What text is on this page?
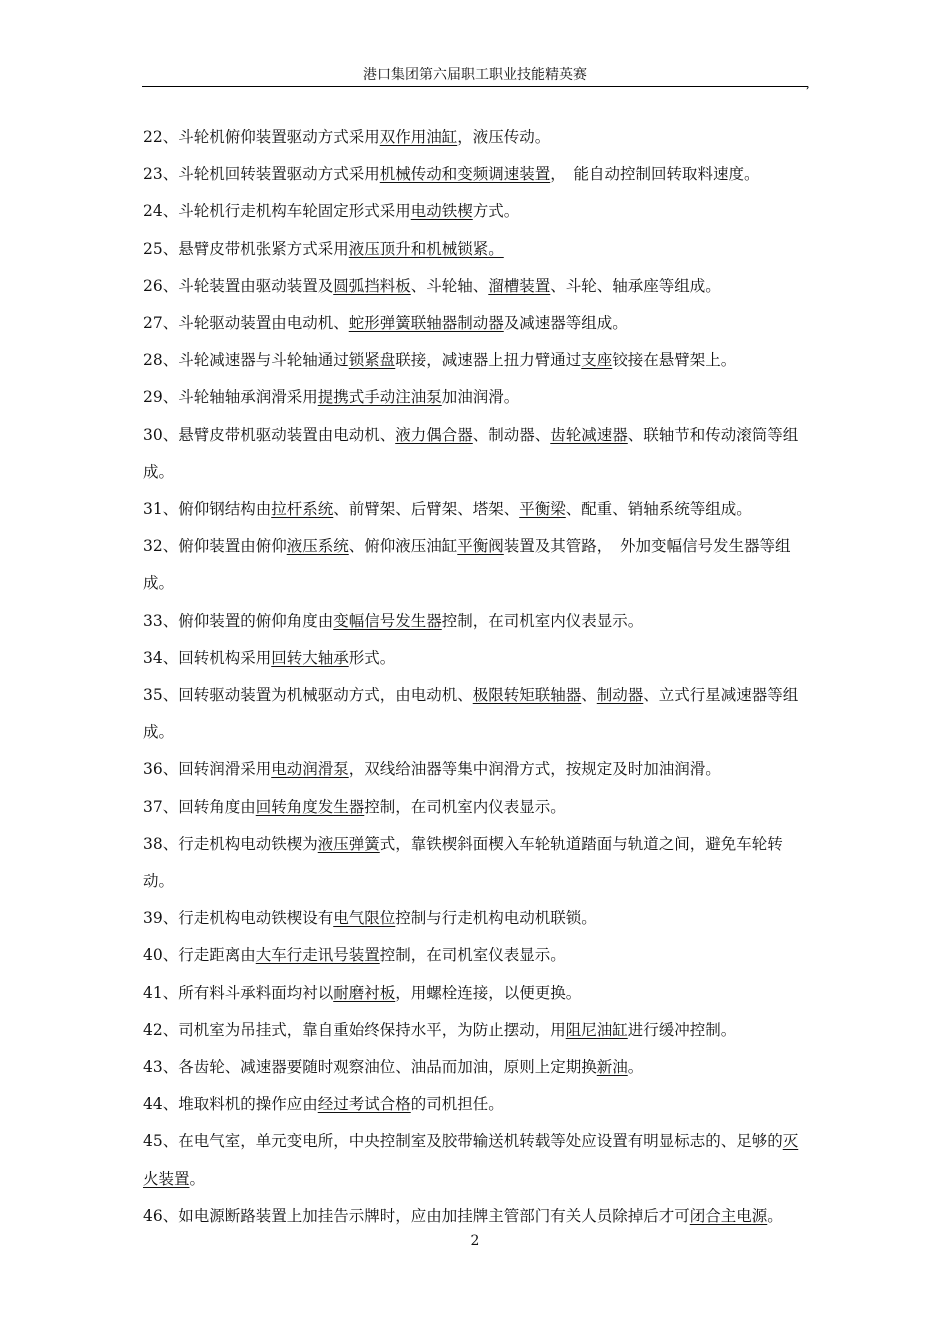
港口集团第六届职工职业技能精英赛
,

22、斗轮机俯仰装置驱动方式采用双作用油缸，液压传动。

23、斗轮机回转装置驱动方式采用机械传动和变频调速装置，　能自动控制回转取料速度。

24、斗轮机行走机构车轮固定形式采用电动铁楔方式。

25、悬臂皮带机张紧方式采用液压顶升和机械锁紧。

26、斗轮装置由驱动装置及圆弧挡料板、斗轮轴、溜槽装置、斗轮、轴承座等组成。

27、斗轮驱动装置由电动机、蛇形弹簧联轴器制动器及减速器等组成。

28、斗轮减速器与斗轮轴通过锁紧盘联接，减速器上扭力臂通过支座铰接在悬臂架上。

29、斗轮轴轴承润滑采用提携式手动注油泵加油润滑。

30、悬臂皮带机驱动装置由电动机、液力偶合器、制动器、齿轮减速器、联轴节和传动滚筒等组成。

31、俯仰钢结构由拉杆系统、前臂架、后臂架、塔架、平衡梁、配重、销轴系统等组成。

32、俯仰装置由俯仰液压系统、俯仰液压油缸平衡阀装置及其管路，　外加变幅信号发生器等组成。

33、俯仰装置的俯仰角度由变幅信号发生器控制，在司机室内仪表显示。

34、回转机构采用回转大轴承形式。

35、回转驱动装置为机械驱动方式，由电动机、极限转矩联轴器、制动器、立式行星减速器等组成。

36、回转润滑采用电动润滑泵，双线给油器等集中润滑方式，按规定及时加油润滑。

37、回转角度由回转角度发生器控制，在司机室内仪表显示。

38、行走机构电动铁楔为液压弹簧式，靠铁楔斜面楔入车轮轨道踏面与轨道之间，避免车轮转动。

39、行走机构电动铁楔设有电气限位控制与行走机构电动机联锁。

40、行走距离由大车行走讯号装置控制，在司机室仪表显示。

41、所有料斗承料面均衬以耐磨衬板，用螺栓连接，以便更换。

42、司机室为吊挂式，靠自重始终保持水平，为防止摆动，用阻尼油缸进行缓冲控制。

43、各齿轮、减速器要随时观察油位、油品而加油，原则上定期换新油。

44、堆取料机的操作应由经过考试合格的司机担任。

45、在电气室，单元变电所，中央控制室及胶带输送机转载等处应设置有明显标志的、足够的灭火装置。

46、如电源断路装置上加挂告示牌时，应由加挂牌主管部门有关人员除掉后才可闭合主电源。

2
